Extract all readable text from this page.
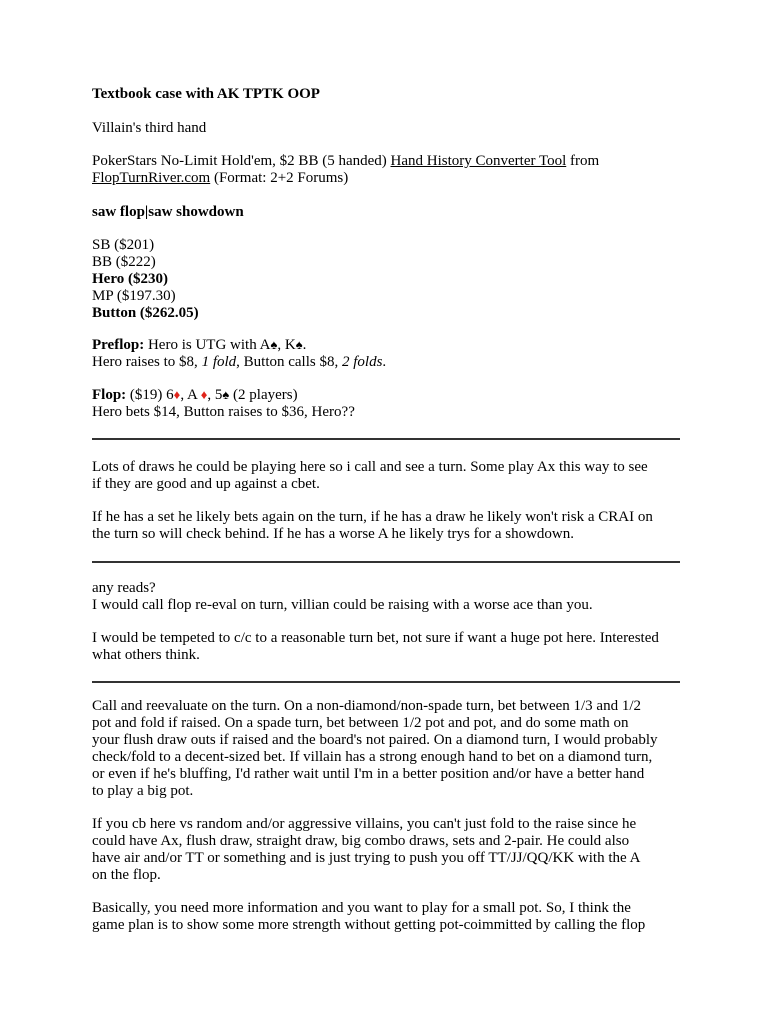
Textbook case with AK TPTK OOP
Villain's third hand
PokerStars No-Limit Hold'em, $2 BB (5 handed) Hand History Converter Tool from
FlopTurnRiver.com (Format: 2+2 Forums)
saw flop|saw showdown
SB ($201)
BB ($222)
Hero ($230)
MP ($197.30)
Button ($262.05)
Preflop: Hero is UTG with A♠, K♠.
Hero raises to $8, 1 fold, Button calls $8, 2 folds.
Flop: ($19) 6♦, A ♦, 5♠ (2 players)
Hero bets $14, Button raises to $36, Hero??
Lots of draws he could be playing here so i call and see a turn. Some play Ax this way to see
if they are good and up against a cbet.
If he has a set he likely bets again on the turn, if he has a draw he likely won't risk a CRAI on
the turn so will check behind. If he has a worse A he likely trys for a showdown.
any reads?
I would call flop re-eval on turn, villian could be raising with a worse ace than you.
I would be tempeted to c/c to a reasonable turn bet, not sure if want a huge pot here. Interested
what others think.
Call and reevaluate on the turn. On a non-diamond/non-spade turn, bet between 1/3 and 1/2
pot and fold if raised. On a spade turn, bet between 1/2 pot and pot, and do some math on
your flush draw outs if raised and the board's not paired. On a diamond turn, I would probably
check/fold to a decent-sized bet. If villain has a strong enough hand to bet on a diamond turn,
or even if he's bluffing, I'd rather wait until I'm in a better position and/or have a better hand
to play a big pot.
If you cb here vs random and/or aggressive villains, you can't just fold to the raise since he
could have Ax, flush draw, straight draw, big combo draws, sets and 2-pair. He could also
have air and/or TT or something and is just trying to push you off TT/JJ/QQ/KK with the A
on the flop.
Basically, you need more information and you want to play for a small pot. So, I think the
game plan is to show some more strength without getting pot-coimmitted by calling the flop
